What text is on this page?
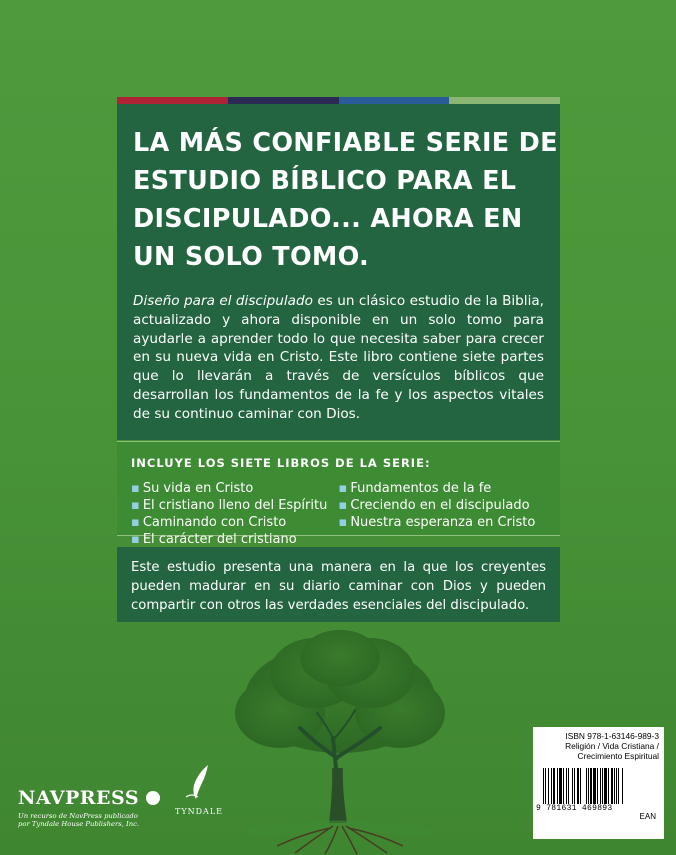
LA MÁS CONFIABLE SERIE DE
ESTUDIO BÍBLICO PARA EL
DISCIPULADO... AHORA EN
UN SOLO TOMO.
Diseño para el discipulado es un clásico estudio de la Biblia, actualizado y ahora disponible en un solo tomo para ayudarle a aprender todo lo que necesita saber para crecer en su nueva vida en Cristo. Este libro contiene siete partes que lo llevarán a través de versículos bíblicos que desarrollan los fundamentos de la fe y los aspectos vitales de su continuo caminar con Dios.
INCLUYE LOS SIETE LIBROS DE LA SERIE:
▪ Su vida en Cristo
▪ El cristiano lleno del Espíritu
▪ Caminando con Cristo
▪ El carácter del cristiano
▪ Fundamentos de la fe
▪ Creciendo en el discipulado
▪ Nuestra esperanza en Cristo

Este estudio presenta una manera en la que los creyentes pueden madurar en su diario caminar con Dios y pueden compartir con otros las verdades esenciales del discipulado.

NAVPRESS
Un recurso de NavPress publicado por Tyndale House Publishers, Inc.
TYNDALE
ISBN 978-1-63146-989-3
Religión / Vida Cristiana /
Crecimiento Espiritual
9 781631 469893
EAN
